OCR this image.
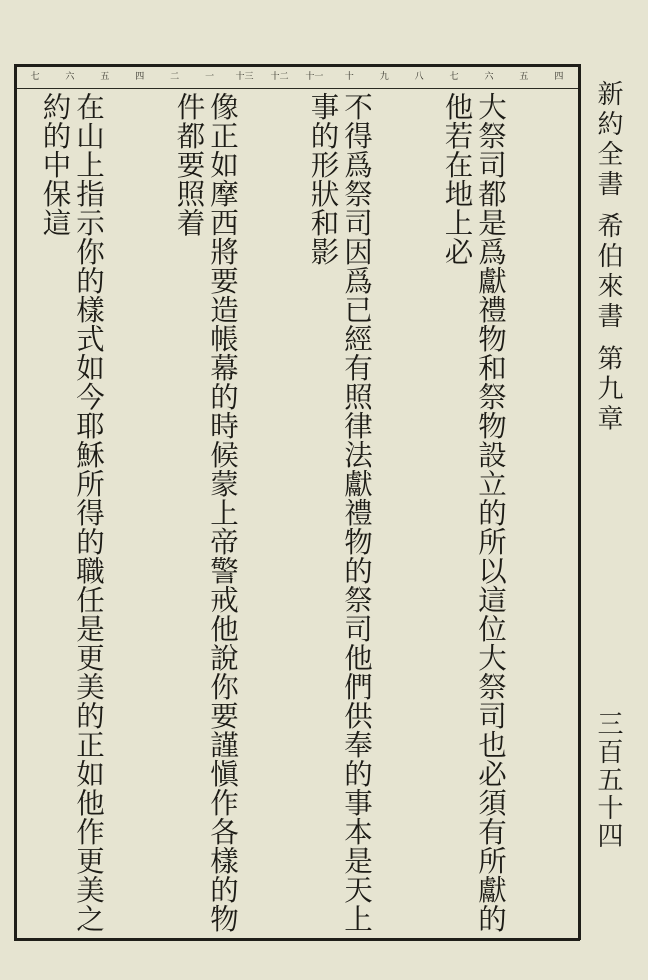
四
五
六
七
八
九
十
十一
十二
十三
一
二
四
五
六
七

大祭司都是爲獻禮物和祭物設立的所以這位大祭司也必須有所獻的他若在地上必

不得爲祭司因爲已經有照律法獻禮物的祭司他們供奉的事本是天上事的形狀和影

像正如摩西將要造帳幕的時候蒙上帝警戒他說你要謹愼作各樣的物件都要照着

在山上指示你的樣式如今耶穌所得的職任是更美的正如他作更美之約的中保這

	新約全書 希伯來書 第九章
三百五十四
